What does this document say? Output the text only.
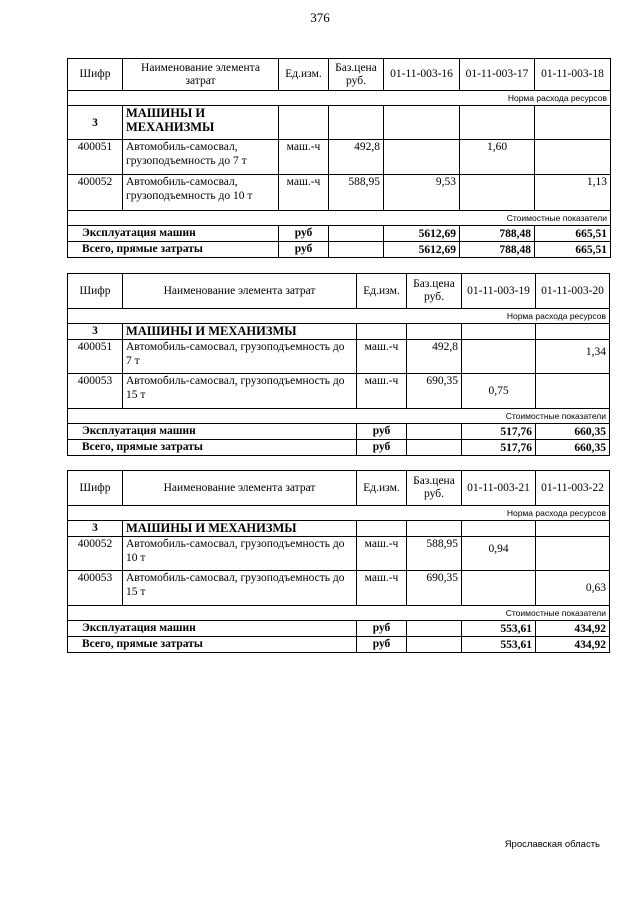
376
Шифр	Наименование элемента затрат	Ед.изм.	Баз.цена руб.	01-11-003-16	01-11-003-17	01-11-003-18
Норма расхода ресурсов						
3	МАШИНЫ И МЕХАНИЗМЫ					
400051	Автомобиль-самосвал, грузоподъемность до 7 т	маш.-ч	492,8		1,60	
400052	Автомобиль-самосвал, грузоподъемность до 10 т	маш.-ч	588,95	9,53		1,13
Стоимостные показатели						
Эксплуатация машин		руб		5612,69	788,48	665,51
Всего, прямые затраты		руб		5612,69	788,48	665,51
Шифр	Наименование элемента затрат	Ед.изм.	Баз.цена руб.	01-11-003-19	01-11-003-20
Норма расхода ресурсов					
3	МАШИНЫ И МЕХАНИЗМЫ				
400051	Автомобиль-самосвал, грузоподъемность до 7 т	маш.-ч	492,8		1,34
400053	Автомобиль-самосвал, грузоподъемность до 15 т	маш.-ч	690,35	0,75	
Стоимостные показатели					
Эксплуатация машин		руб		517,76	660,35
Всего, прямые затраты		руб		517,76	660,35
Шифр	Наименование элемента затрат	Ед.изм.	Баз.цена руб.	01-11-003-21	01-11-003-22
Норма расхода ресурсов					
3	МАШИНЫ И МЕХАНИЗМЫ				
400052	Автомобиль-самосвал, грузоподъемность до 10 т	маш.-ч	588,95	0,94	
400053	Автомобиль-самосвал, грузоподъемность до 15 т	маш.-ч	690,35		0,63
Стоимостные показатели					
Эксплуатация машин		руб		553,61	434,92
Всего, прямые затраты		руб		553,61	434,92
Ярославская область
